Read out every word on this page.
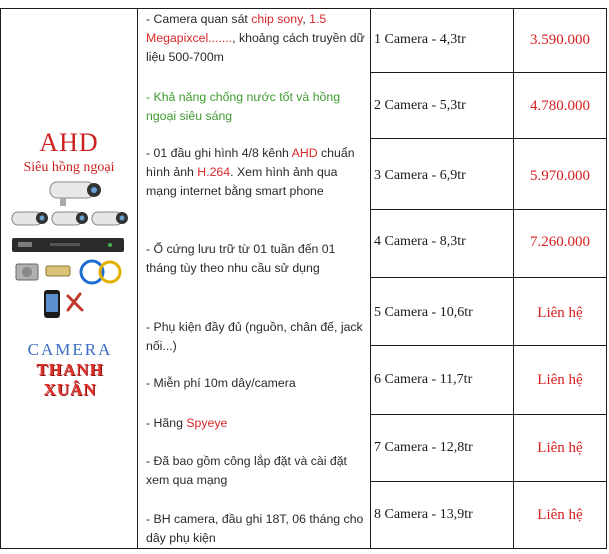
AHD
Siêu hồng ngoại
CAMERA
THANH XUÂN
- Camera quan sát chip sony, 1.5 Megapixcel......., khoảng cách truyền dữ liệu 500-700m
- Khả năng chống nước tốt và hồng ngoại siêu sáng
- 01 đầu ghi hình 4/8 kênh AHD chuẩn hình ảnh H.264. Xem hình ảnh qua mạng internet bằng smart phone
- Ổ cứng lưu trữ từ 01 tuần đến 01 tháng tùy theo nhu cầu sử dụng
- Phụ kiện đầy đủ (nguồn, chân đế, jack nối...)
- Miễn phí 10m dây/camera
- Hãng Spyeye
- Đã bao gồm công lắp đặt và cài đặt xem qua mạng
- BH camera, đầu ghi 18T, 06 tháng cho dây phụ kiện
1 Camera - 4,3tr	3.590.000
2 Camera - 5,3tr	4.780.000
3 Camera - 6,9tr	5.970.000
4 Camera - 8,3tr	7.260.000
5 Camera - 10,6tr	Liên hệ
6 Camera - 11,7tr	Liên hệ
7 Camera - 12,8tr	Liên hệ
8 Camera - 13,9tr	Liên hệ
